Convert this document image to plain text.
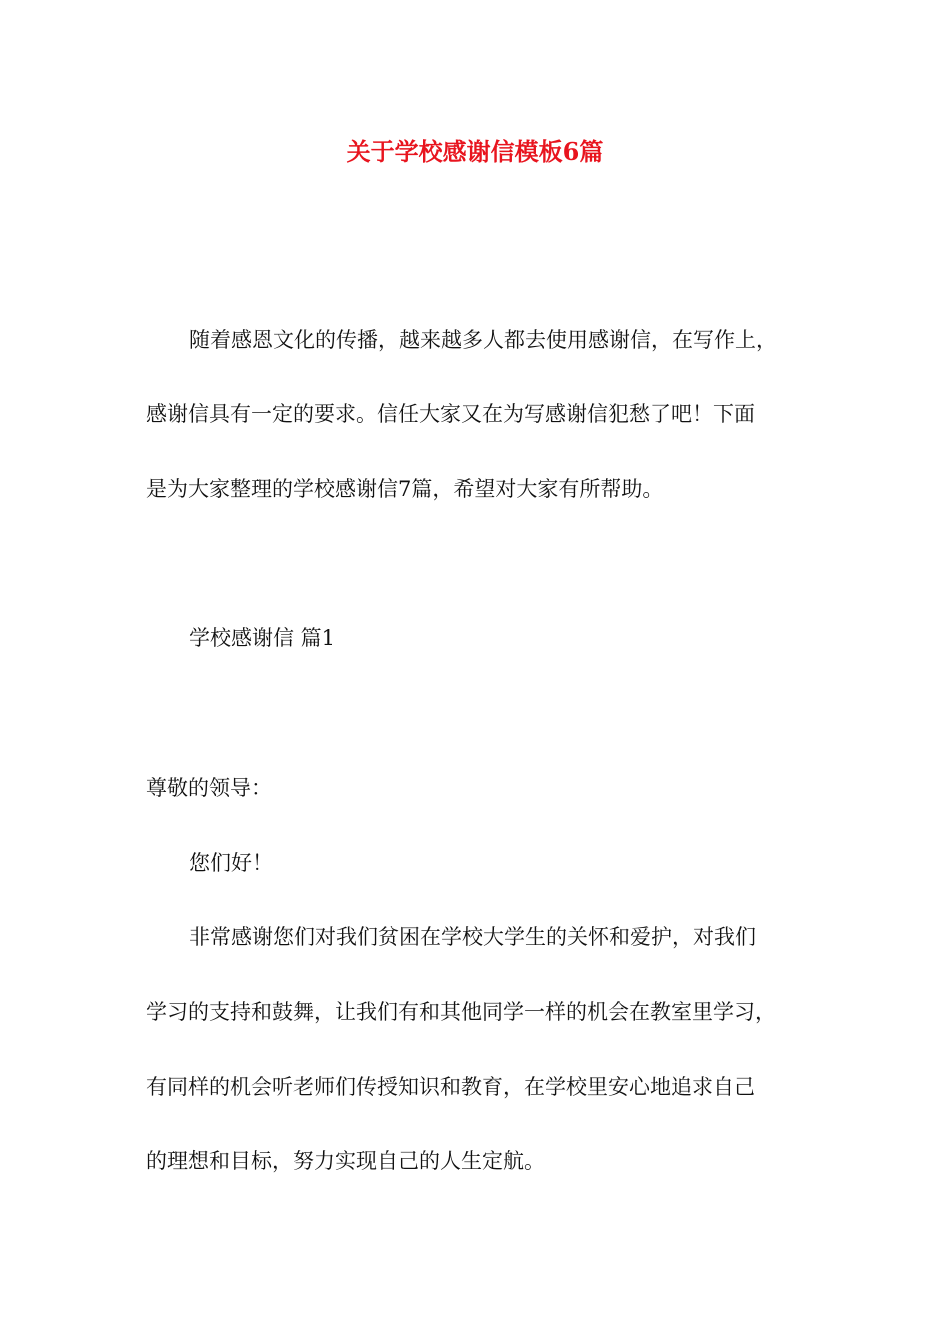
关于学校感谢信模板6篇
随着感恩文化的传播，越来越多人都去使用感谢信，在写作上，
感谢信具有一定的要求。信任大家又在为写感谢信犯愁了吧！下面
是为大家整理的学校感谢信7篇，希望对大家有所帮助。
学校感谢信 篇1
尊敬的领导：
您们好！
非常感谢您们对我们贫困在学校大学生的关怀和爱护，对我们
学习的支持和鼓舞，让我们有和其他同学一样的机会在教室里学习，
有同样的机会听老师们传授知识和教育，在学校里安心地追求自己
的理想和目标，努力实现自己的人生定航。
